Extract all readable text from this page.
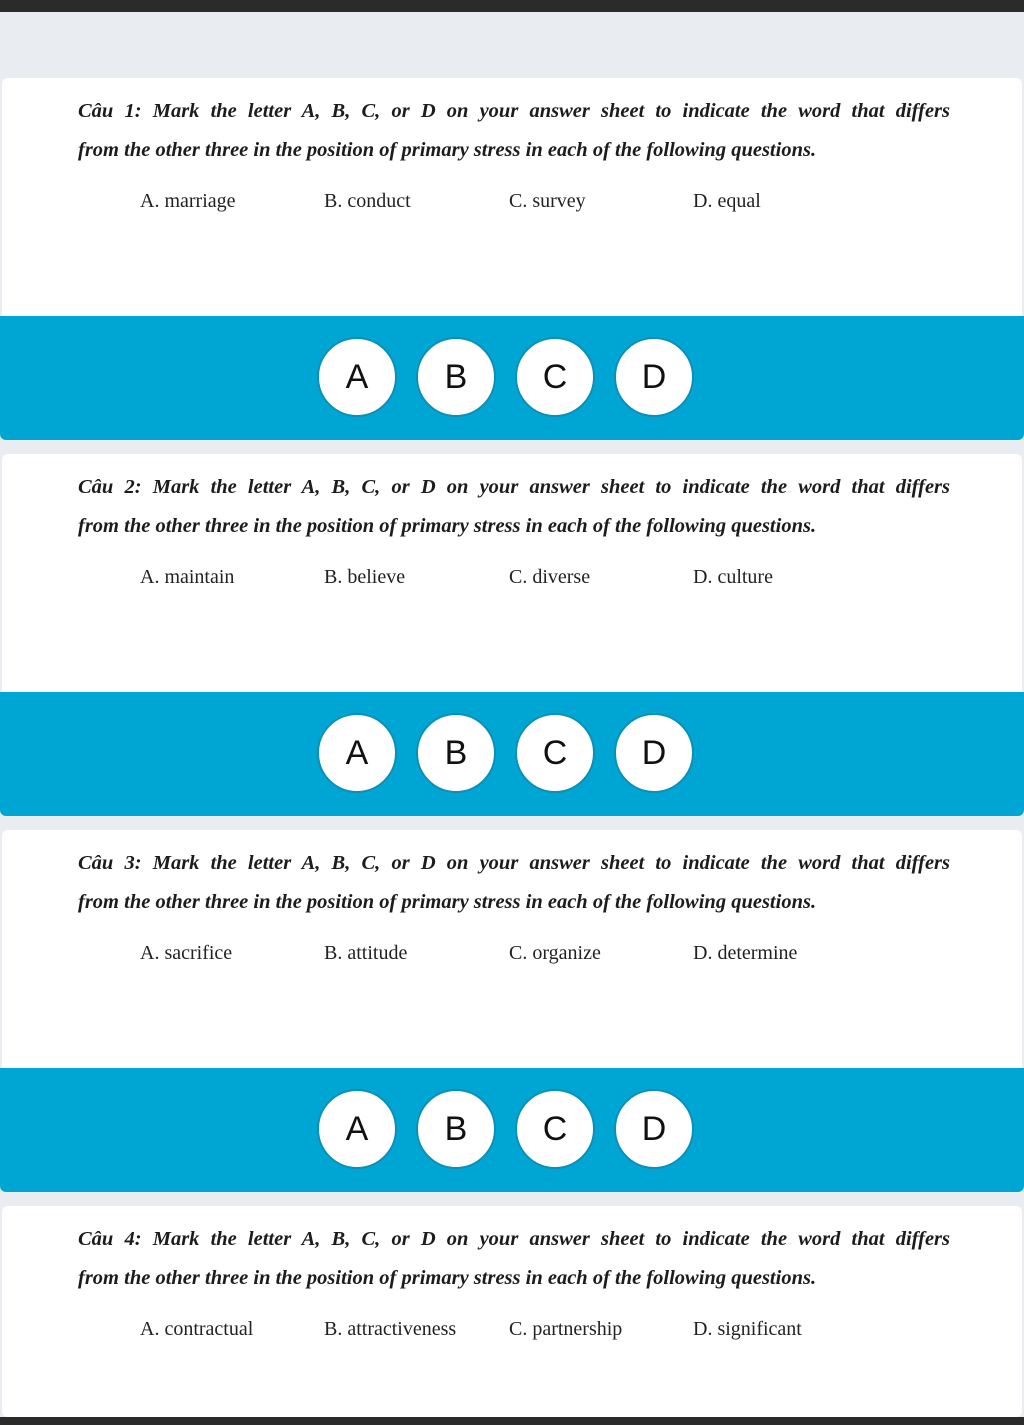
Câu 1: Mark the letter A, B, C, or D on your answer sheet to indicate the word that differs
from the other three in the position of primary stress in each of the following questions.
A. marriage	B. conduct	C. survey	D. equal
A	B	C	D
Câu 2: Mark the letter A, B, C, or D on your answer sheet to indicate the word that differs
from the other three in the position of primary stress in each of the following questions.
A. maintain	B. believe	C. diverse	D. culture
A	B	C	D
Câu 3: Mark the letter A, B, C, or D on your answer sheet to indicate the word that differs
from the other three in the position of primary stress in each of the following questions.
A. sacrifice	B. attitude	C. organize	D. determine
A	B	C	D
Câu 4: Mark the letter A, B, C, or D on your answer sheet to indicate the word that differs
from the other three in the position of primary stress in each of the following questions.
A. contractual	B. attractiveness	C. partnership	D. significant
